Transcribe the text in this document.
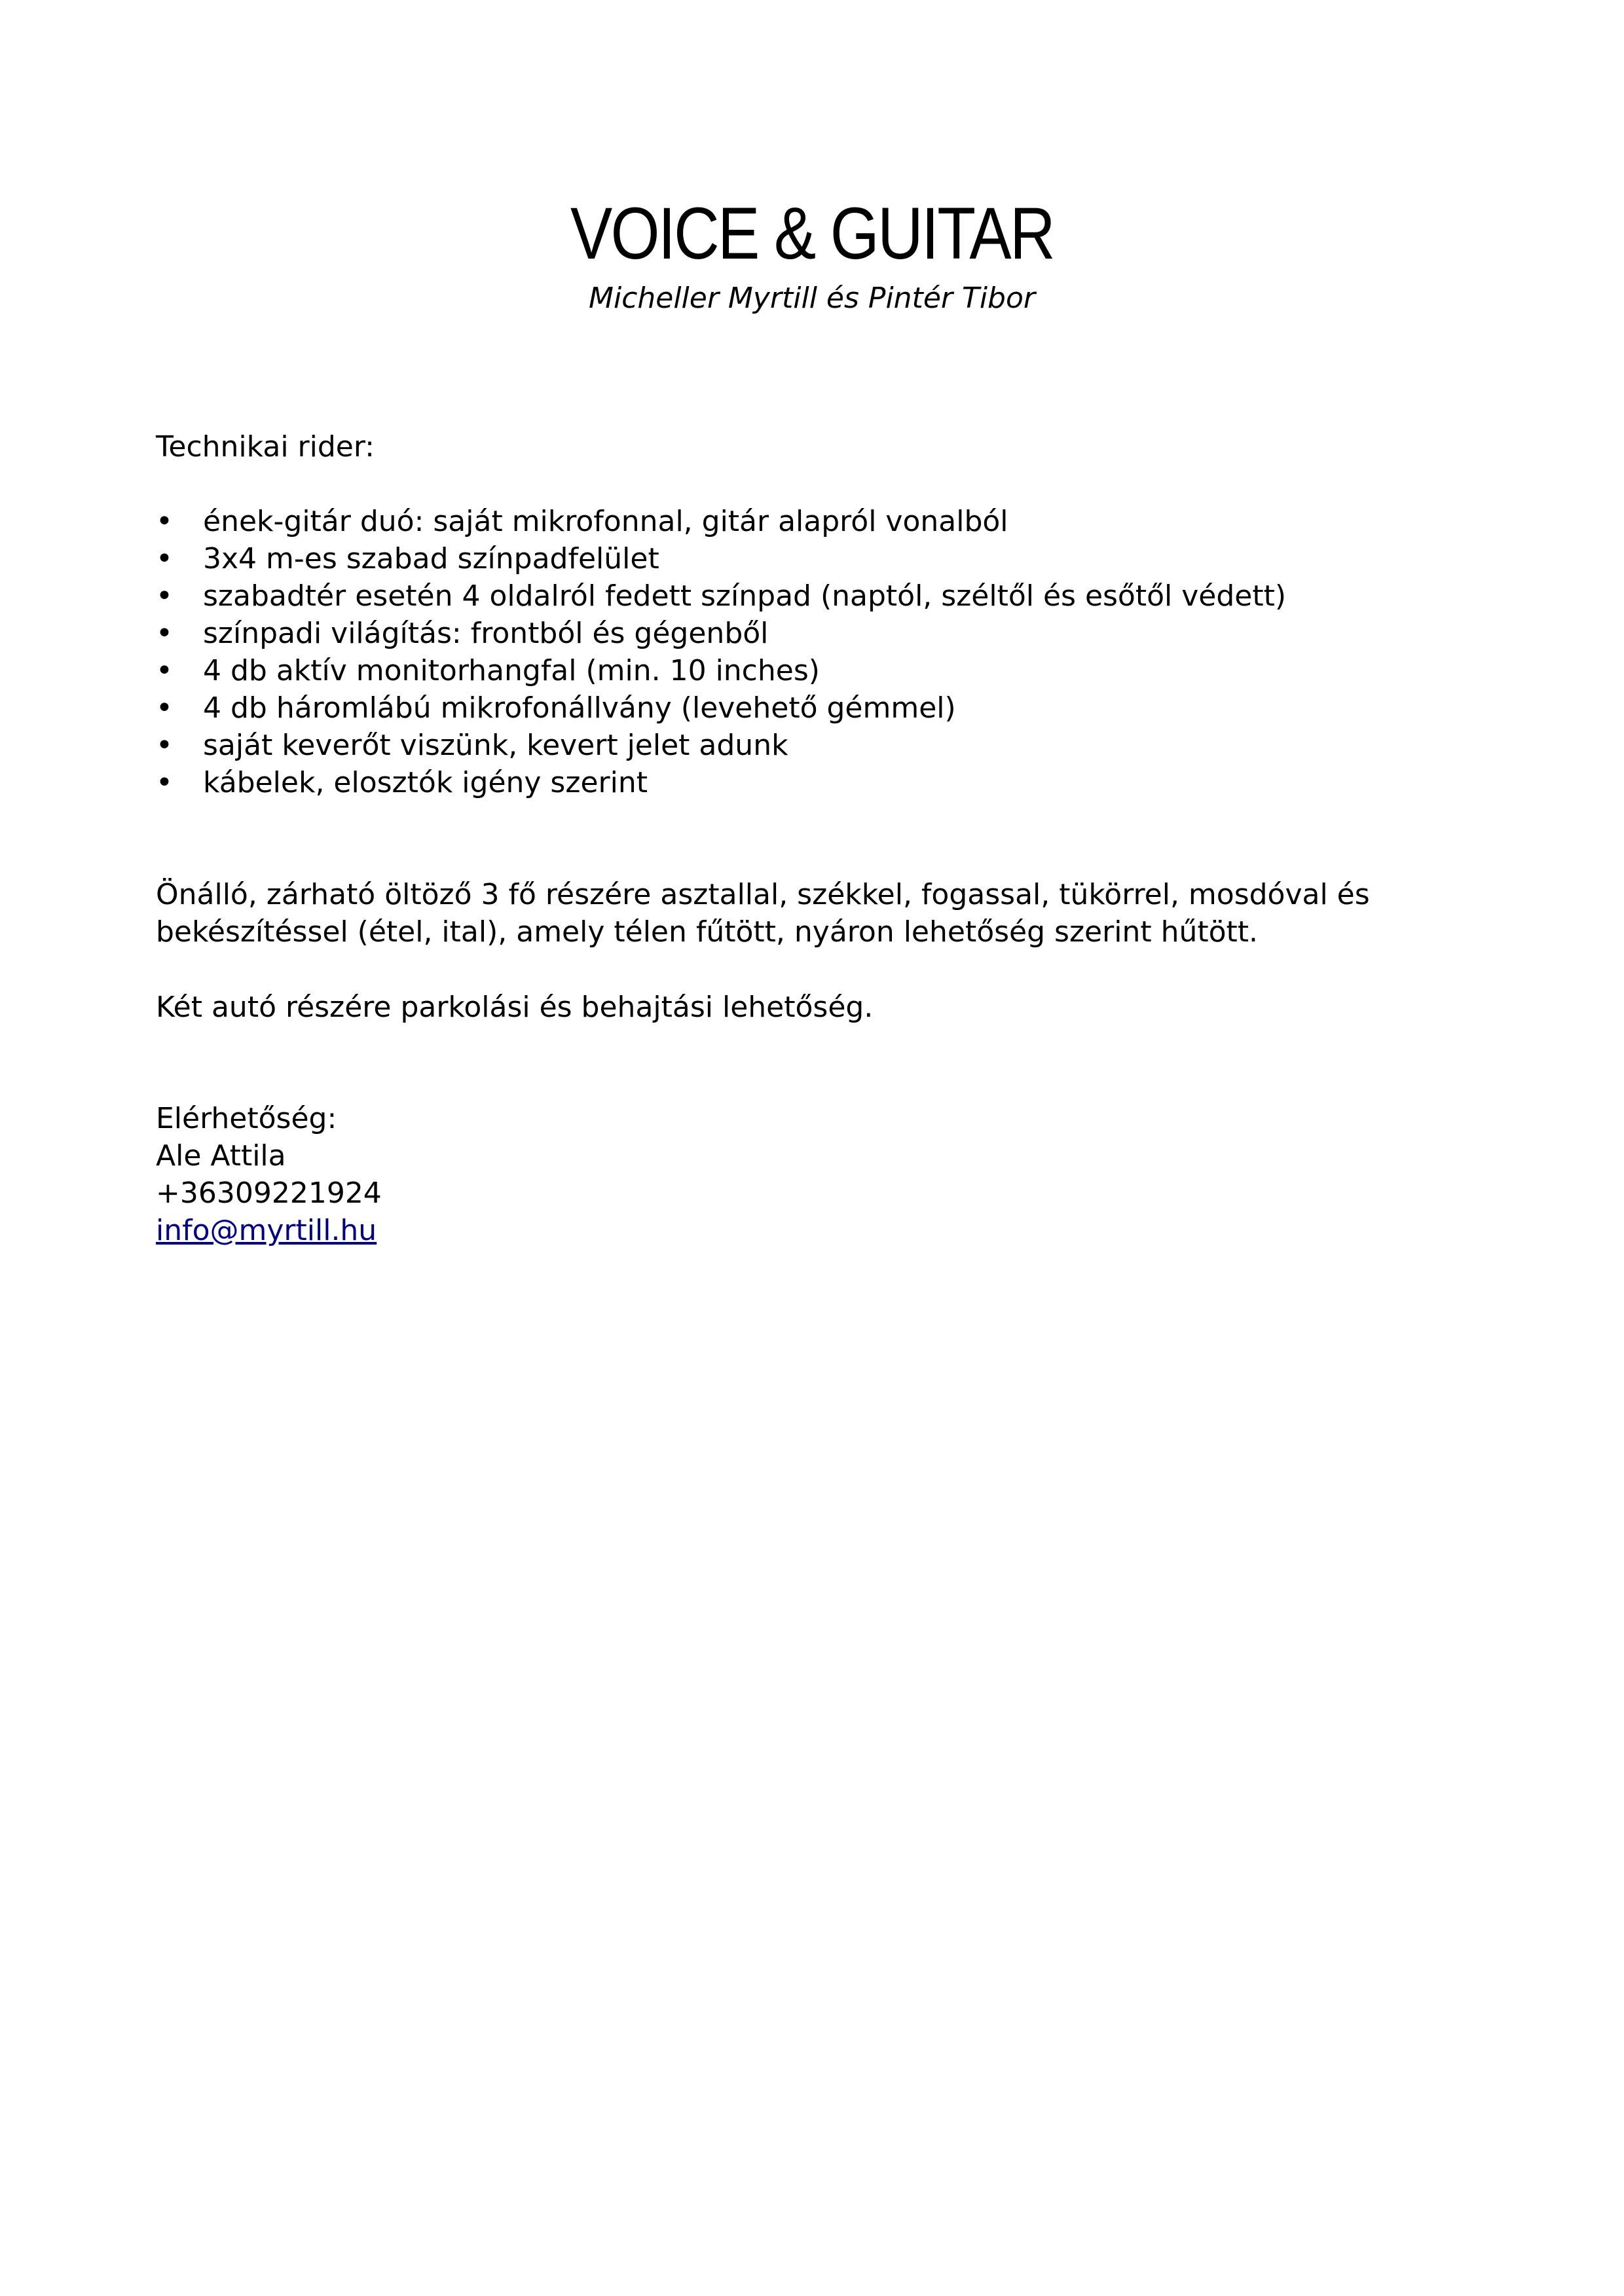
VOICE & GUITAR
Micheller Myrtill és Pintér Tibor

Technikai rider:

• ének-gitár duó: saját mikrofonnal, gitár alapról vonalból
• 3x4 m-es szabad színpadfelület
• szabadtér esetén 4 oldalról fedett színpad (naptól, széltől és esőtől védett)
• színpadi világítás: frontból és gégenből
• 4 db aktív monitorhangfal (min. 10 inches)
• 4 db háromlábú mikrofonállvány (levehető gémmel)
• saját keverőt viszünk, kevert jelet adunk
• kábelek, elosztók igény szerint

Önálló, zárható öltöző 3 fő részére asztallal, székkel, fogassal, tükörrel, mosdóval és bekészítéssel (étel, ital), amely télen fűtött, nyáron lehetőség szerint hűtött.

Két autó részére parkolási és behajtási lehetőség.

Elérhetőség:
Ale Attila
+36309221924
info@myrtill.hu
